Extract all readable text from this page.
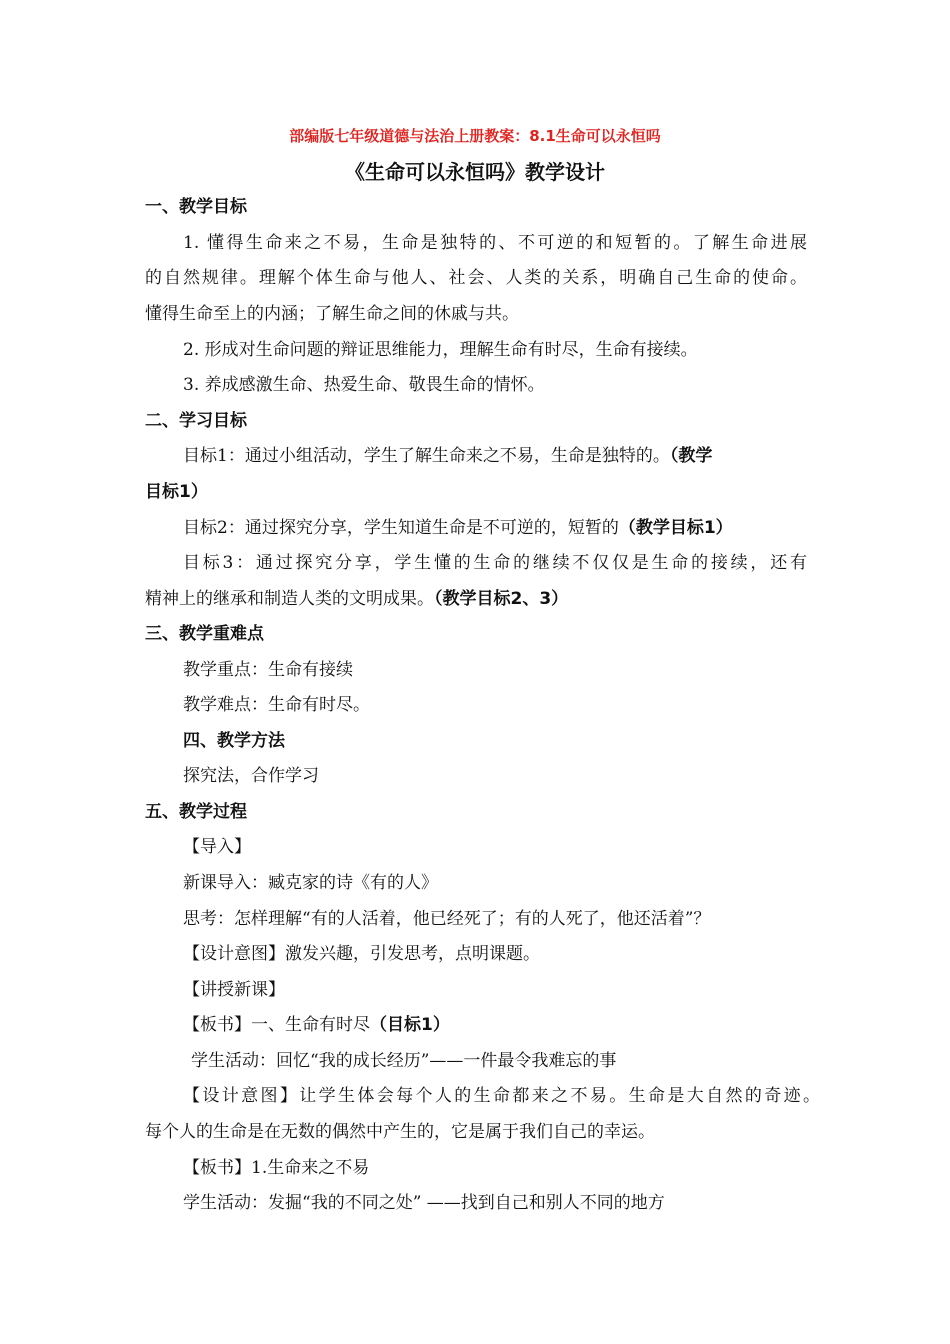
部编版七年级道德与法治上册教案：8.1生命可以永恒吗
《生命可以永恒吗》教学设计
一、教学目标
1. 懂得生命来之不易，生命是独特的、不可逆的和短暂的。了解生命进展
的自然规律。理解个体生命与他人、社会、人类的关系，明确自己生命的使命。
懂得生命至上的内涵；了解生命之间的休戚与共。
2. 形成对生命问题的辩证思维能力，理解生命有时尽，生命有接续。
3. 养成感激生命、热爱生命、敬畏生命的情怀。
二、学习目标
目标1：通过小组活动，学生了解生命来之不易，生命是独特的。（教学
目标1）
目标2：通过探究分享，学生知道生命是不可逆的，短暂的（教学目标1）
目标3：通过探究分享，学生懂的生命的继续不仅仅是生命的接续，还有
精神上的继承和制造人类的文明成果。（教学目标2、3）
三、教学重难点
教学重点：生命有接续
教学难点：生命有时尽。
四、教学方法
探究法，合作学习
五、教学过程
【导入】
新课导入：臧克家的诗《有的人》
思考：怎样理解“有的人活着，他已经死了；有的人死了，他还活着”？
【设计意图】激发兴趣，引发思考，点明课题。
【讲授新课】
【板书】一、生命有时尽（目标1）
学生活动：回忆“我的成长经历”——一件最令我难忘的事
【设计意图】让学生体会每个人的生命都来之不易。生命是大自然的奇迹。
每个人的生命是在无数的偶然中产生的，它是属于我们自己的幸运。
【板书】1.生命来之不易
学生活动：发掘“我的不同之处” ——找到自己和别人不同的地方
